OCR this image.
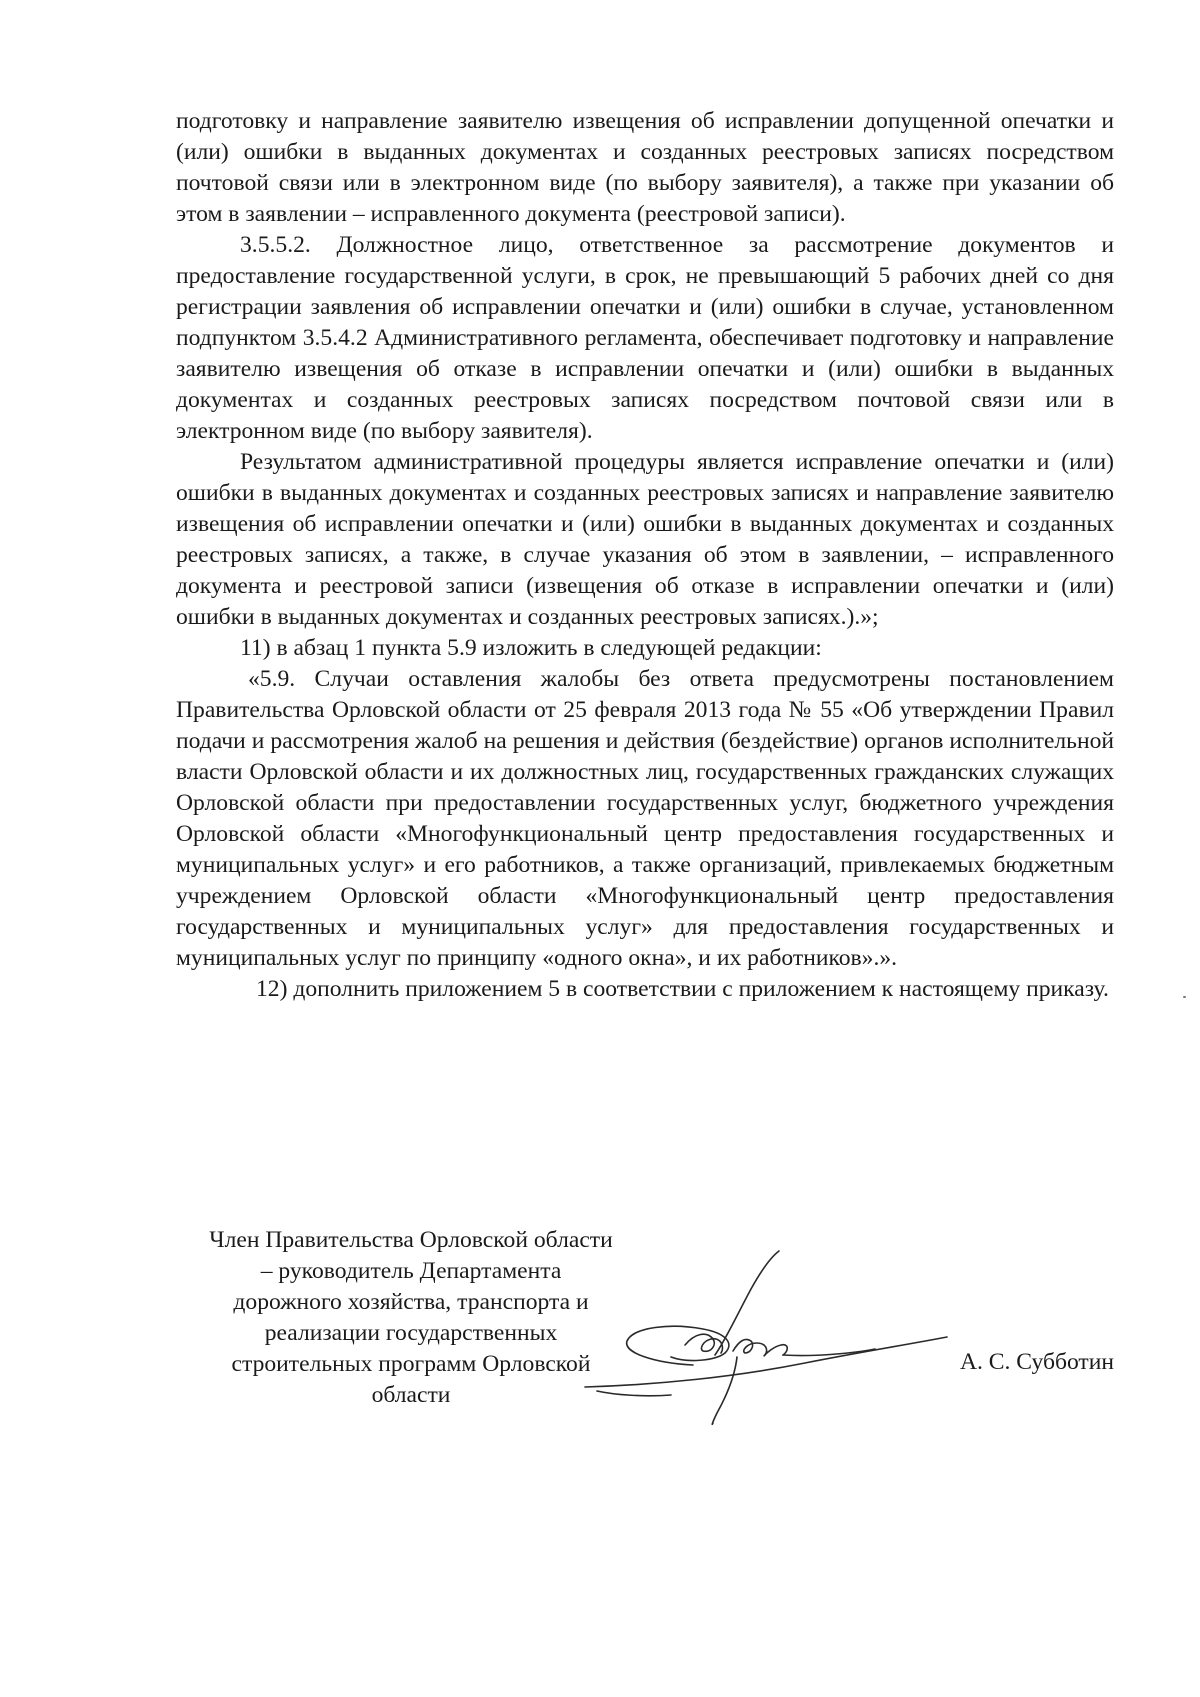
подготовку и направление заявителю извещения об исправлении допущенной опечатки и (или) ошибки в выданных документах и созданных реестровых записях посредством почтовой связи или в электронном виде (по выбору заявителя), а также при указании об этом в заявлении – исправленного документа (реестровой записи).

3.5.5.2. Должностное лицо, ответственное за рассмотрение документов и предоставление государственной услуги, в срок, не превышающий 5 рабочих дней со дня регистрации заявления об исправлении опечатки и (или) ошибки в случае, установленном подпунктом 3.5.4.2 Административного регламента, обеспечивает подготовку и направление заявителю извещения об отказе в исправлении опечатки и (или) ошибки в выданных документах и созданных реестровых записях посредством почтовой связи или в электронном виде (по выбору заявителя).

Результатом административной процедуры является исправление опечатки и (или) ошибки в выданных документах и созданных реестровых записях и направление заявителю извещения об исправлении опечатки и (или) ошибки в выданных документах и созданных реестровых записях, а также, в случае указания об этом в заявлении, – исправленного документа и реестровой записи (извещения об отказе в исправлении опечатки и (или) ошибки в выданных документах и созданных реестровых записях.).»;

11) в абзац 1 пункта 5.9 изложить в следующей редакции:

«5.9. Случаи оставления жалобы без ответа предусмотрены постановлением Правительства Орловской области от 25 февраля 2013 года № 55 «Об утверждении Правил подачи и рассмотрения жалоб на решения и действия (бездействие) органов исполнительной власти Орловской области и их должностных лиц, государственных гражданских служащих Орловской области при предоставлении государственных услуг, бюджетного учреждения Орловской области «Многофункциональный центр предоставления государственных и муниципальных услуг» и его работников, а также организаций, привлекаемых бюджетным учреждением Орловской области «Многофункциональный центр предоставления государственных и муниципальных услуг» для предоставления государственных и муниципальных услуг по принципу «одного окна», и их работников».».

12) дополнить приложением 5 в соответствии с приложением к настоящему приказу.

Член Правительства Орловской области
– руководитель Департамента
дорожного хозяйства, транспорта и
реализации государственных
строительных программ Орловской
области
А. С. Субботин
